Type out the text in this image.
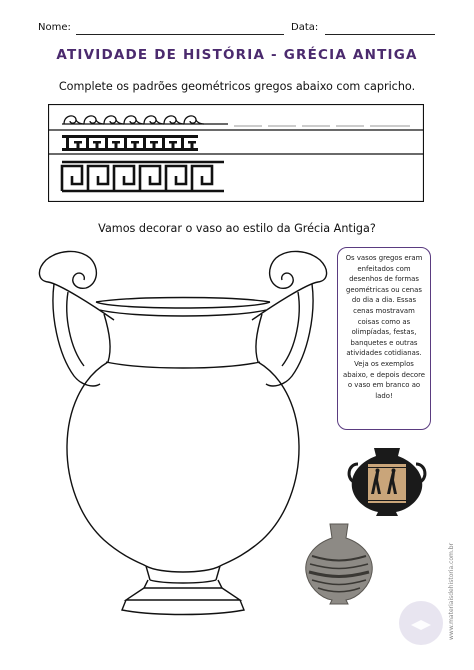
Nome:	Data:
ATIVIDADE DE HISTÓRIA - GRÉCIA ANTIGA
Complete os padrões geométricos gregos abaixo com capricho.
Vamos decorar o vaso ao estilo da Grécia Antiga?
Os vasos gregos eram enfeitados com desenhos de formas geométricas ou cenas do dia a dia. Essas cenas mostravam coisas como as olimpíadas, festas, banquetes e outras atividades cotidianas. Veja os exemplos abaixo, e depois decore o vaso em branco ao lado!
www.materiaisdehistoria.com.br
